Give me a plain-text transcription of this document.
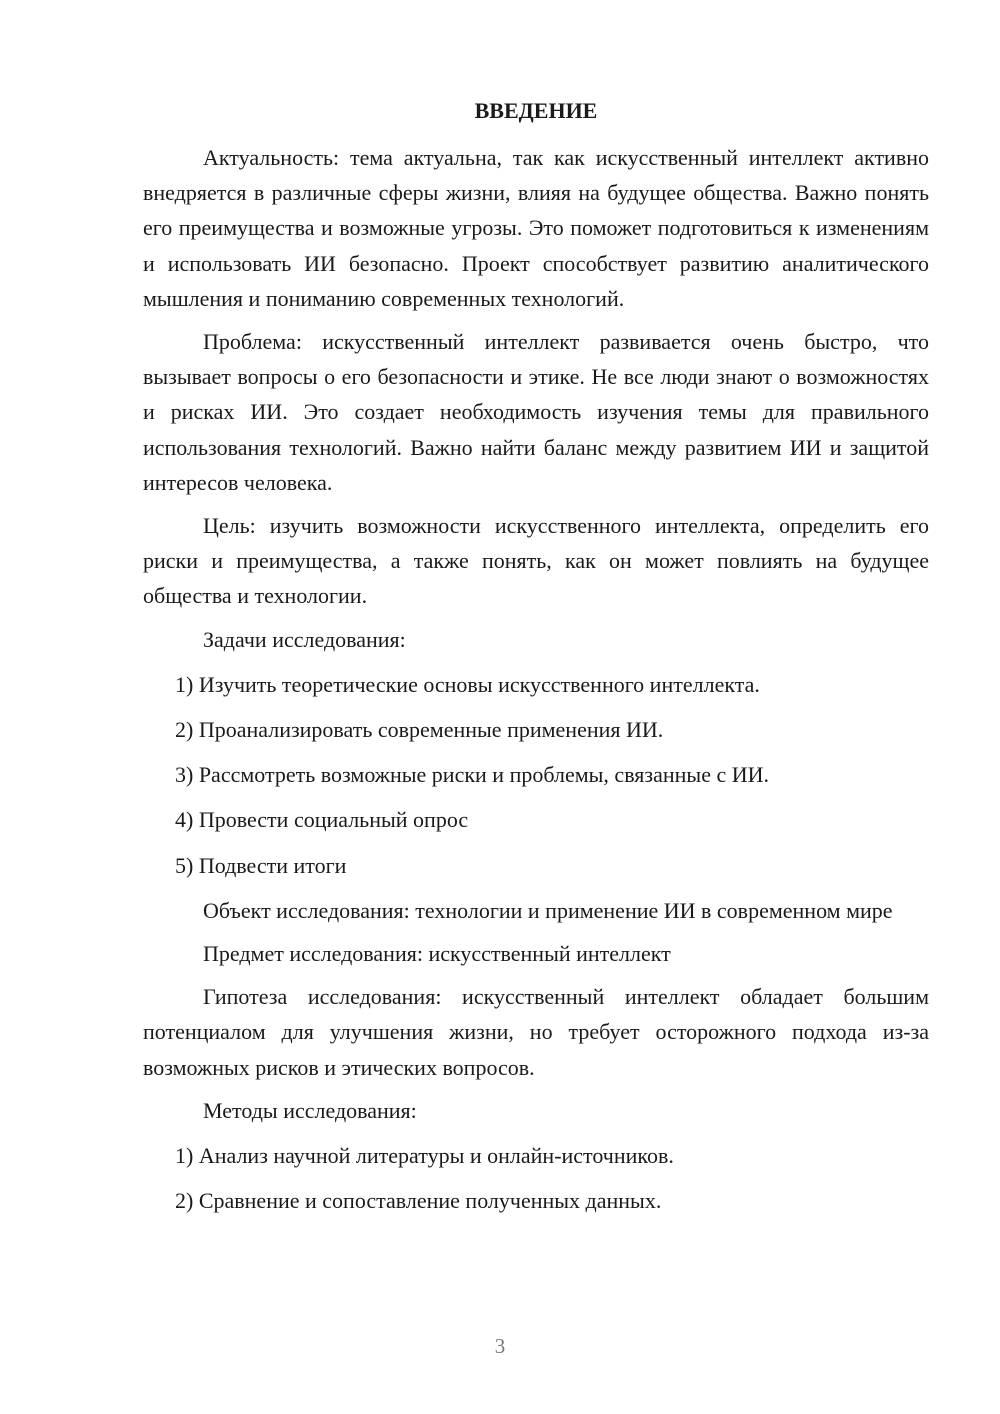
ВВЕДЕНИЕ

Актуальность: тема актуальна, так как искусственный интеллект активно внедряется в различные сферы жизни, влияя на будущее общества. Важно понять его преимущества и возможные угрозы. Это поможет подготовиться к изменениям и использовать ИИ безопасно. Проект способствует развитию аналитического мышления и пониманию современных технологий.

Проблема: искусственный интеллект развивается очень быстро, что вызывает вопросы о его безопасности и этике. Не все люди знают о возможностях и рисках ИИ. Это создает необходимость изучения темы для правильного использования технологий. Важно найти баланс между развитием ИИ и защитой интересов человека.

Цель: изучить возможности искусственного интеллекта, определить его риски и преимущества, а также понять, как он может повлиять на будущее общества и технологии.

Задачи исследования:
1) Изучить теоретические основы искусственного интеллекта.
2) Проанализировать современные применения ИИ.
3) Рассмотреть возможные риски и проблемы, связанные с ИИ.
4) Провести социальный опрос
5) Подвести итоги

Объект исследования: технологии и применение ИИ в современном мире

Предмет исследования: искусственный интеллект

Гипотеза исследования: искусственный интеллект обладает большим потенциалом для улучшения жизни, но требует осторожного подхода из-за возможных рисков и этических вопросов.

Методы исследования:
1) Анализ научной литературы и онлайн-источников.
2) Сравнение и сопоставление полученных данных.
3
